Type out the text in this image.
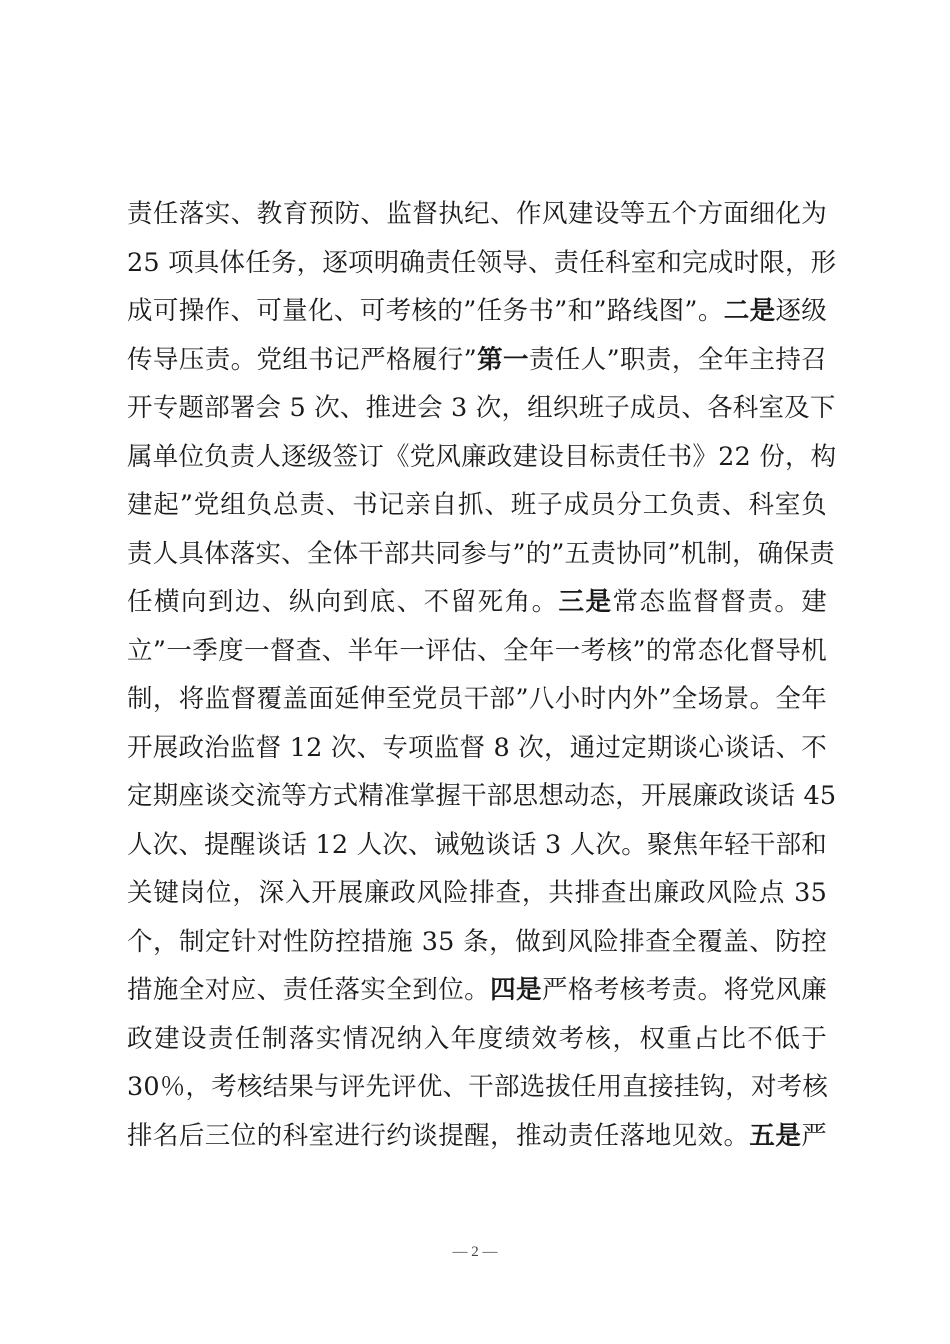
责任落实、教育预防、监督执纪、作风建设等五个方面细化为
25 项具体任务，逐项明确责任领导、责任科室和完成时限，形
成可操作、可量化、可考核的”任务书”和”路线图”。二是逐级
传导压责。党组书记严格履行”第一责任人”职责，全年主持召
开专题部署会 5 次、推进会 3 次，组织班子成员、各科室及下
属单位负责人逐级签订《党风廉政建设目标责任书》22 份，构
建起”党组负总责、书记亲自抓、班子成员分工负责、科室负
责人具体落实、全体干部共同参与”的”五责协同”机制，确保责
任横向到边、纵向到底、不留死角。三是常态监督督责。建
立”一季度一督查、半年一评估、全年一考核”的常态化督导机
制，将监督覆盖面延伸至党员干部”八小时内外”全场景。全年
开展政治监督 12 次、专项监督 8 次，通过定期谈心谈话、不
定期座谈交流等方式精准掌握干部思想动态，开展廉政谈话 45
人次、提醒谈话 12 人次、诫勉谈话 3 人次。聚焦年轻干部和
关键岗位，深入开展廉政风险排查，共排查出廉政风险点 35
个，制定针对性防控措施 35 条，做到风险排查全覆盖、防控
措施全对应、责任落实全到位。四是严格考核考责。将党风廉
政建设责任制落实情况纳入年度绩效考核，权重占比不低于
30％，考核结果与评先评优、干部选拔任用直接挂钩，对考核
排名后三位的科室进行约谈提醒，推动责任落地见效。五是严
— 2 —
